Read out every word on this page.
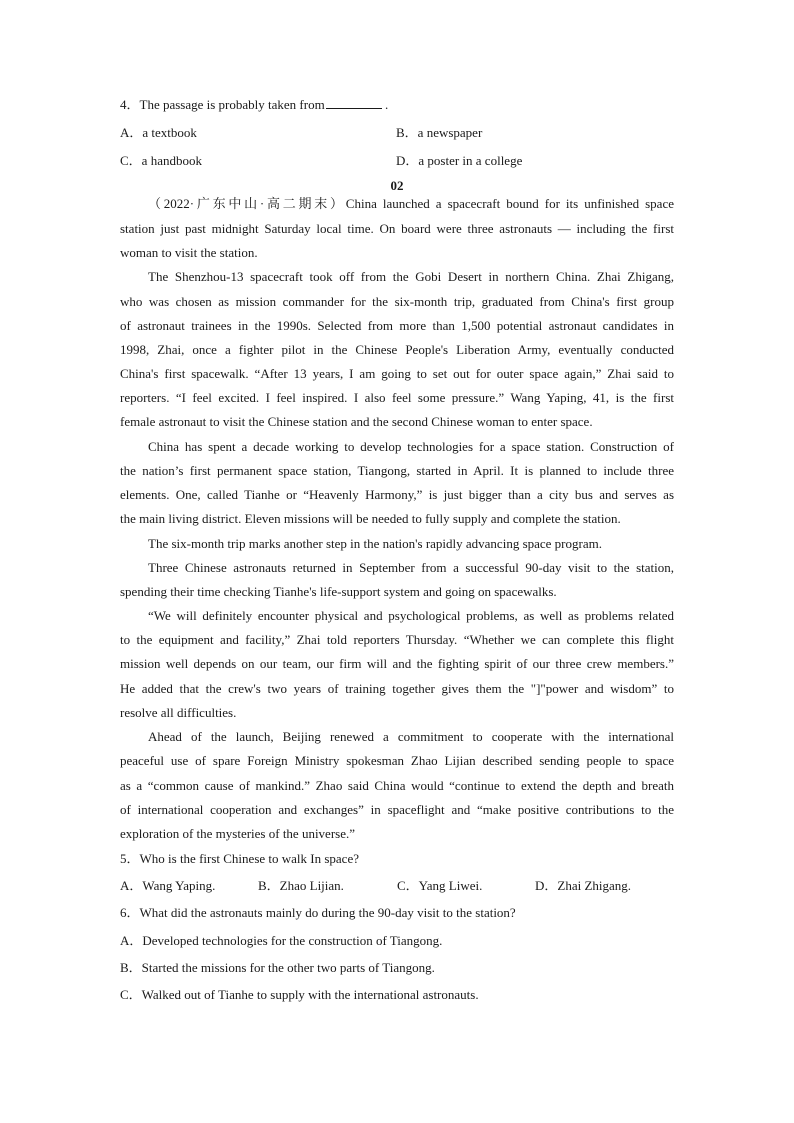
4．The passage is probably taken from	.
A．a textbook	B．a newspaper
C．a handbook	D．a poster in a college
02
（2022·广东中山·高二期末）China launched a spacecraft bound for its unfinished space
station just past midnight Saturday local time. On board were three astronauts — including the first
woman to visit the station.
The Shenzhou-13 spacecraft took off from the Gobi Desert in northern China. Zhai Zhigang,
who was chosen as mission commander for the six-month trip, graduated from China's first group
of astronaut trainees in the 1990s. Selected from more than 1,500 potential astronaut candidates in
1998, Zhai, once a fighter pilot in the Chinese People's Liberation Army, eventually conducted
China's first spacewalk. “After 13 years, I am going to set out for outer space again,” Zhai said to
reporters. “I feel excited. I feel inspired. I also feel some pressure.” Wang Yaping, 41, is the first
female astronaut to visit the Chinese station and the second Chinese woman to enter space.
China has spent a decade working to develop technologies for a space station. Construction of
the nation’s first permanent space station, Tiangong, started in April. It is planned to include three
elements. One, called Tianhe or “Heavenly Harmony,” is just bigger than a city bus and serves as
the main living district. Eleven missions will be needed to fully supply and complete the station.
The six-month trip marks another step in the nation's rapidly advancing space program.
Three Chinese astronauts returned in September from a successful 90-day visit to the station,
spending their time checking Tianhe's life-support system and going on spacewalks.
“We will definitely encounter physical and psychological problems, as well as problems related
to the equipment and facility,” Zhai told reporters Thursday. “Whether we can complete this flight
mission well depends on our team, our firm will and the fighting spirit of our three crew members.”
He added that the crew's two years of training together gives them the "]"power and wisdom” to
resolve all difficulties.
Ahead of the launch, Beijing renewed a commitment to cooperate with the international
peaceful use of spare Foreign Ministry spokesman Zhao Lijian described sending people to space
as a “common cause of mankind.” Zhao said China would “continue to extend the depth and breath
of international cooperation and exchanges” in spaceflight and “make positive contributions to the
exploration of the mysteries of the universe.”
5．Who is the first Chinese to walk In space?
A．Wang Yaping.	B．Zhao Lijian.	C．Yang Liwei.	D．Zhai Zhigang.
6．What did the astronauts mainly do during the 90-day visit to the station?
A．Developed technologies for the construction of Tiangong.
B．Started the missions for the other two parts of Tiangong.
C．Walked out of Tianhe to supply with the international astronauts.
